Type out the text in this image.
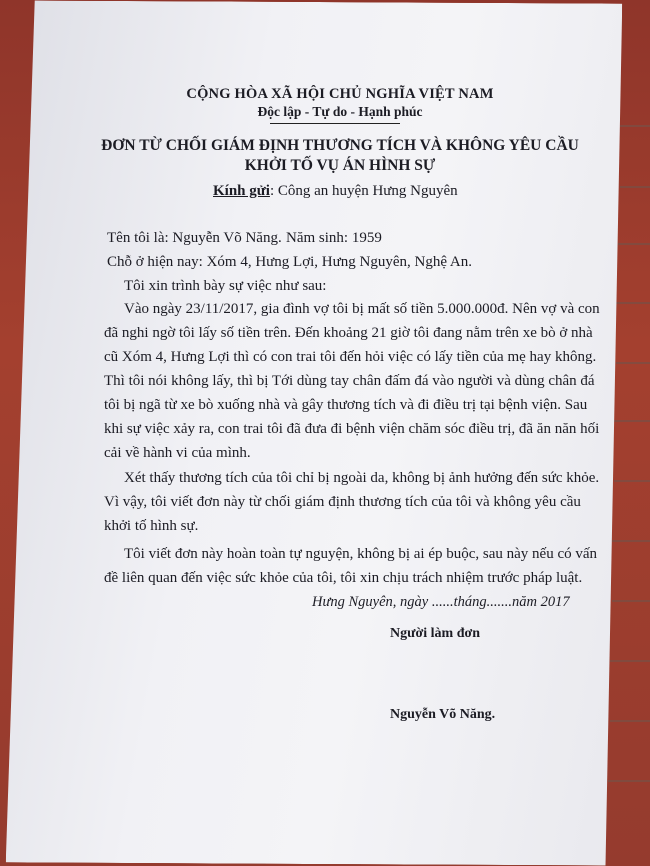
CỘNG HÒA XÃ HỘI CHỦ NGHĨA VIỆT NAM

Độc lập - Tự do - Hạnh phúc

ĐƠN TỪ CHỐI GIÁM ĐỊNH THƯƠNG TÍCH VÀ KHÔNG YÊU CẦU

KHỞI TỐ VỤ ÁN HÌNH SỰ

Kính gửi: Công an huyện Hưng Nguyên

Tên tôi là: Nguyễn Võ Năng. Năm sinh: 1959

Chỗ ở hiện nay: Xóm 4, Hưng Lợi, Hưng Nguyên, Nghệ An.

Tôi xin trình bày sự việc như sau:

Vào ngày 23/11/2017, gia đình vợ tôi bị mất số tiền 5.000.000đ. Nên vợ và con

đã nghi ngờ tôi lấy số tiền trên. Đến khoảng 21 giờ tôi đang nằm trên xe bò ở nhà

cũ Xóm 4, Hưng Lợi thì có con trai tôi đến hỏi việc có lấy tiền của mẹ hay không.

Thì tôi nói không lấy, thì bị Tới dùng tay chân đấm đá vào người và dùng chân đá

tôi bị ngã từ xe bò xuống nhà và gây thương tích và đi điều trị tại bệnh viện. Sau

khi sự việc xảy ra, con trai tôi đã đưa đi bệnh viện chăm sóc điều trị, đã ăn năn hối

cải về hành vi của mình.

Xét thấy thương tích của tôi chỉ bị ngoài da, không bị ảnh hưởng đến sức khỏe.

Vì vậy, tôi viết đơn này từ chối giám định thương tích của tôi và không yêu cầu

khởi tố hình sự.

Tôi viết đơn này hoàn toàn tự nguyện, không bị ai ép buộc, sau này nếu có vấn

đề liên quan đến việc sức khỏe của tôi, tôi xin chịu trách nhiệm trước pháp luật.

Hưng Nguyên, ngày ......tháng.......năm 2017

Người làm đơn

Nguyễn Võ Năng.
